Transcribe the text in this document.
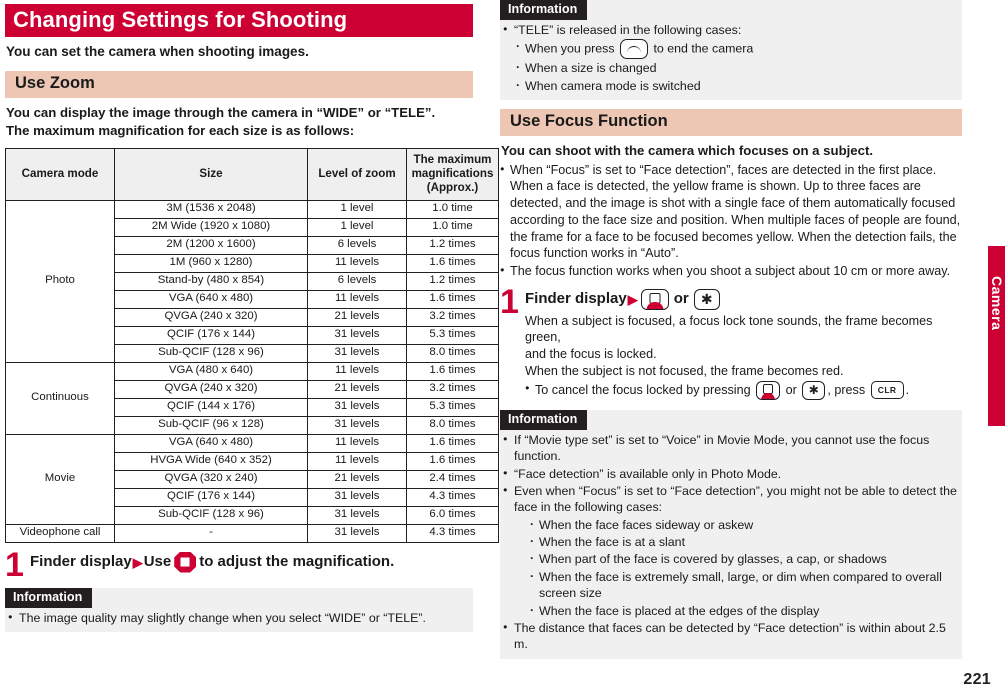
Changing Settings for Shooting
You can set the camera when shooting images.
Use Zoom
You can display the image through the camera in “WIDE” or “TELE”.
The maximum magnification for each size is as follows:
Camera mode	Size	Level of zoom	The maximum
magnifications
(Approx.)
Photo	3M (1536 x 2048)	1 level	1.0 time
	2M Wide (1920 x 1080)	1 level	1.0 time
	2M (1200 x 1600)	6 levels	1.2 times
	1M (960 x 1280)	11 levels	1.6 times
	Stand-by (480 x 854)	6 levels	1.2 times
	VGA (640 x 480)	11 levels	1.6 times
	QVGA (240 x 320)	21 levels	3.2 times
	QCIF (176 x 144)	31 levels	5.3 times
	Sub-QCIF (128 x 96)	31 levels	8.0 times
Continuous	VGA (480 x 640)	11 levels	1.6 times
	QVGA (240 x 320)	21 levels	3.2 times
	QCIF (144 x 176)	31 levels	5.3 times
	Sub-QCIF (96 x 128)	31 levels	8.0 times
Movie	VGA (640 x 480)	11 levels	1.6 times
	HVGA Wide (640 x 352)	11 levels	1.6 times
	QVGA (320 x 240)	21 levels	2.4 times
	QCIF (176 x 144)	31 levels	4.3 times
	Sub-QCIF (128 x 96)	31 levels	6.0 times
Videophone call	-	31 levels	4.3 times
1 Finder display ▶ Use to adjust the magnification.
Information
● The image quality may slightly change when you select “WIDE” or “TELE”.
Information
● “TELE” is released in the following cases:
· When you press	to end the camera
· When a size is changed
· When camera mode is switched
Use Focus Function
You can shoot with the camera which focuses on a subject.
● When “Focus” is set to “Face detection”, faces are detected in the first place. When a face is detected, the yellow frame is shown. Up to three faces are detected, and the image is shot with a single face of them automatically focused according to the face size and position. When multiple faces of people are found, the frame for a face to be focused becomes yellow. When the detection fails, the focus function works in “Auto”.
● The focus function works when you shoot a subject about 10 cm or more away.
1 Finder display ▶ or ✱

When a subject is focused, a focus lock tone sounds, the frame becomes green,

and the focus is locked.

When the subject is not focused, the frame becomes red.

● To cancel the focus locked by pressing	or ✱ , press CLR .
Information
● If “Movie type set” is set to “Voice” in Movie Mode, you cannot use the focus function.
● “Face detection” is available only in Photo Mode.
● Even when “Focus” is set to “Face detection”, you might not be able to detect the face in the following cases:
· When the face faces sideway or askew
· When the face is at a slant
· When part of the face is covered by glasses, a cap, or shadows
· When the face is extremely small, large, or dim when compared to overall screen size
· When the face is placed at the edges of the display
● The distance that faces can be detected by “Face detection” is within about 2.5 m.
Camera
221
